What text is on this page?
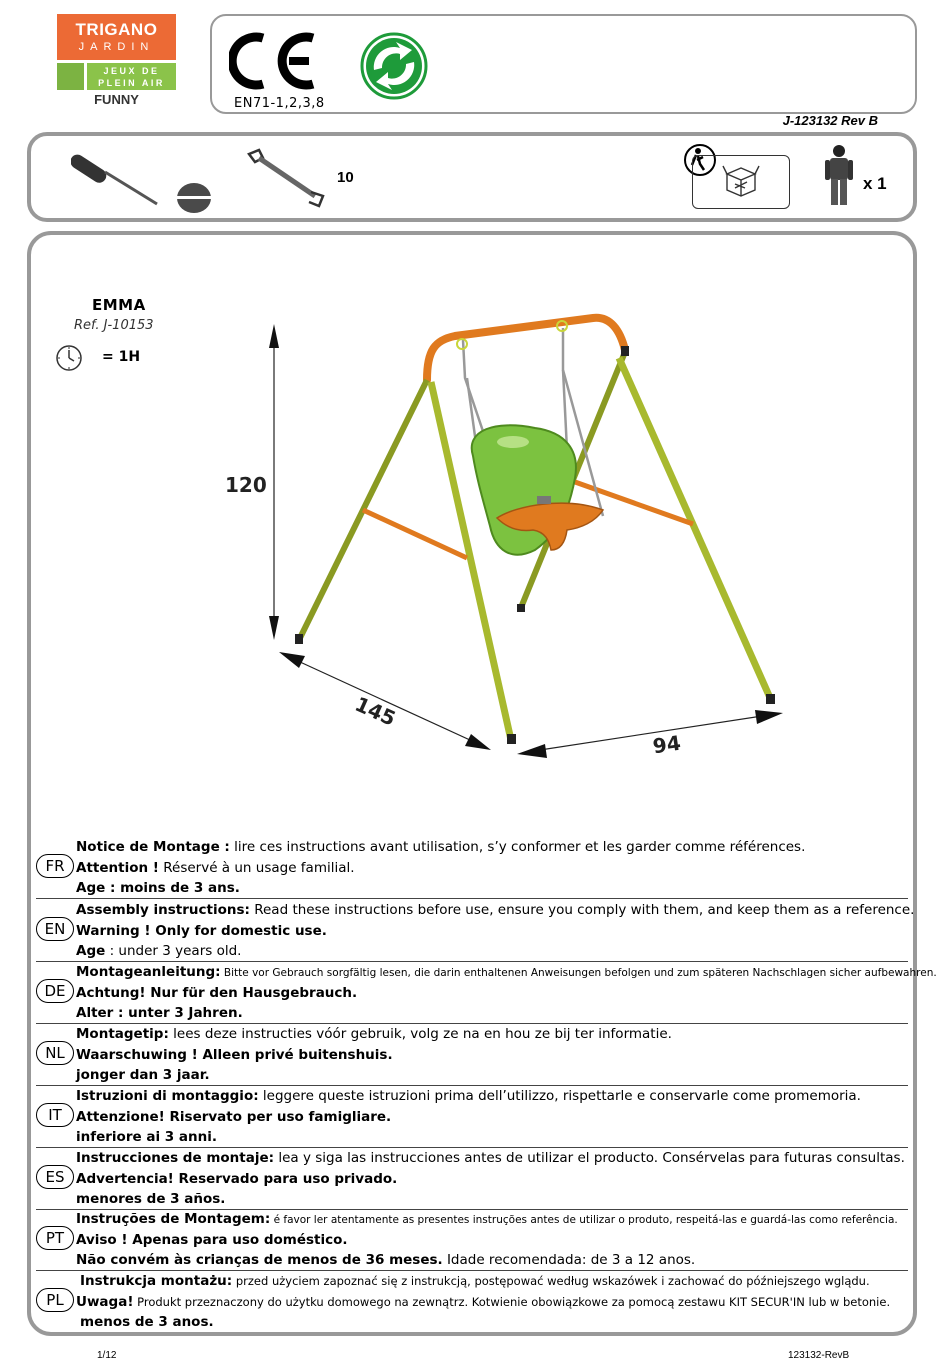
TRIGANO
JARDIN
JEUX DE
PLEIN AIR
FUNNY	EN71-1,2,3,8
J-123132 Rev B
10	x 1
EMMA
Ref. J-10153
= 1H
120
145
94
FR
Notice de Montage : lire ces instructions avant utilisation, s’y conformer et les garder comme références.
Attention ! Réservé à un usage familial.
Age : moins de 3 ans.
EN
Assembly instructions: Read these instructions before use, ensure you comply with them, and keep them as a reference.
Warning ! Only for domestic use.
Age : under 3 years old.
DE
Montageanleitung: Bitte vor Gebrauch sorgfältig lesen, die darin enthaltenen Anweisungen befolgen und zum späteren Nachschlagen sicher aufbewahren.
Achtung! Nur für den Hausgebrauch.
Alter : unter 3 Jahren.
NL
Montagetip: lees deze instructies vóór gebruik, volg ze na en hou ze bij ter informatie.
Waarschuwing ! Alleen privé buitenshuis.
jonger dan 3 jaar.
IT
Istruzioni di montaggio: leggere queste istruzioni prima dell’utilizzo, rispettarle e conservarle come promemoria.
Attenzione! Riservato per uso famigliare.
inferiore ai 3 anni.
ES
Instrucciones de montaje: lea y siga las instrucciones antes de utilizar el producto. Consérvelas para futuras consultas.
Advertencia! Reservado para uso privado.
menores de 3 años.
PT
Instruções de Montagem: é favor ler atentamente as presentes instruções antes de utilizar o produto, respeitá-las e guardá-las como referência.
Aviso ! Apenas para uso doméstico.
Não convém às crianças de menos de 36 meses. Idade recomendada: de 3 a 12 anos.
PL
Instrukcja montażu: przed użyciem zapoznać się z instrukcją, postępować według wskazówek i zachować do późniejszego wglądu.
Uwaga! Produkt przeznaczony do użytku domowego na zewnątrz. Kotwienie obowiązkowe za pomocą zestawu KIT SECUR'IN lub w betonie.
menos de 3 anos.
1/12	123132-RevB
